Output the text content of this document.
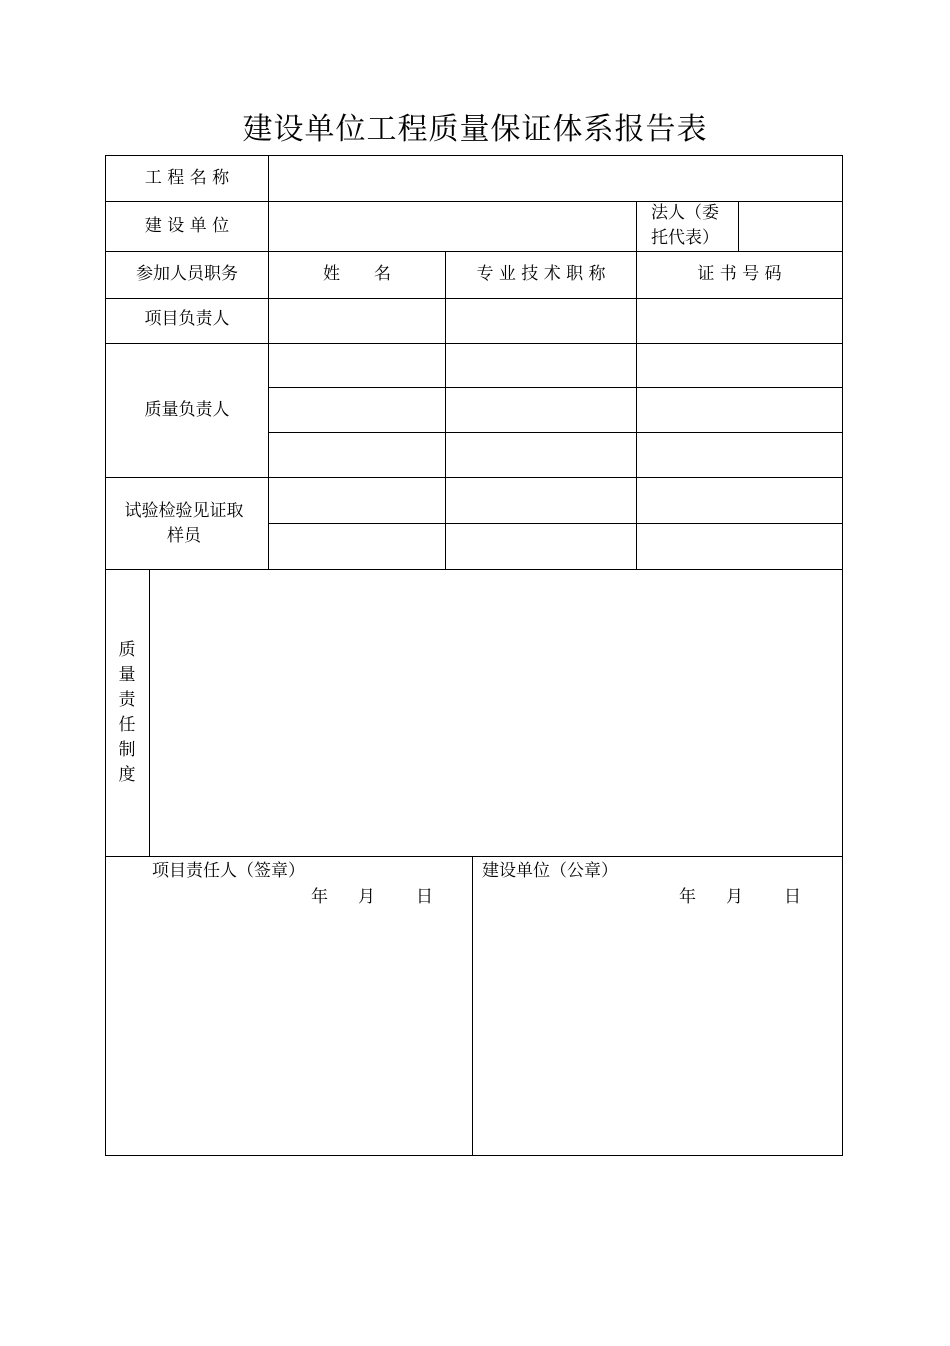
建设单位工程质量保证体系报告表
工 程 名 称
建 设 单 位
法人（委
托代表）
参加人员职务	姓　　名	专 业 技 术 职 称	证 书 号 码
项目负责人
质量负责人
试验检验见证取
样员
质
量
责
任
制
度
项目责任人（签章）
年 月 日
建设单位（公章）
年 月 日
